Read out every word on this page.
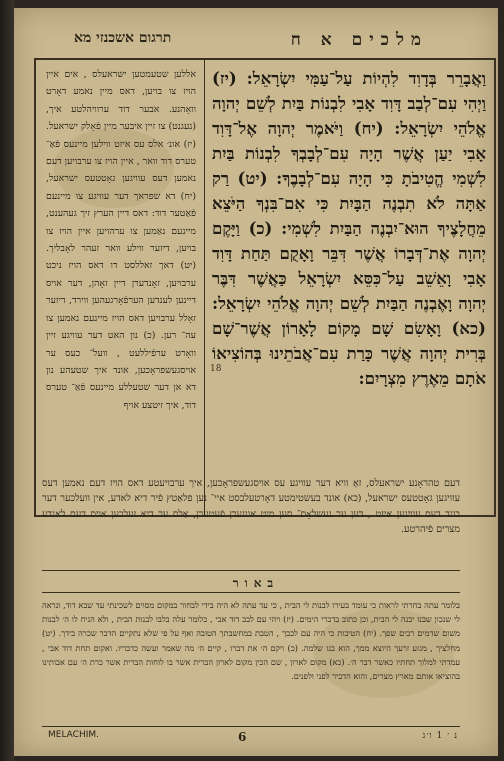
תרגום אשכנזי מא	מלכים א ח
אללען שטעמטען ישראעלס , אים איין הויז צו בויען, דאס מיין נאמע דאָרט וואָהנע. אבער דוד ערוויהלטע איך, (נעגנט) צו זיין איבער מיין פֿאָלק ישראעל. (יז) אונ׳ אלס עס איזט ווילען מיינעס פֿאַ־ טערס דוד וואר , איין הויז צו ערבויען דעם נאמען דעס עוויגען גאָטטעס ישראעל, (יח) דא שפראך דער עוויגע צו מיינעם פֿאַטער דוד: דאס דיין הערץ זיך געהענט, מיינעם נאַמען צו ערהויען איין הויז צו בויען, דיזער ווילע וואר זעהר לאָבליך. (יט) דאך זאללסט דו דאס הויז ניכט ערבויען, זאָנדערן דיין זאָהן, דער אויס דיינען לענדען הערפֿאָרגעהען ווירד, דיזער זאָלל ערבויען דאס הויז מיינעם נאמען צו עה־ רען. (כ) נון האט דער עוויגע זיין וואָרט ערפֿיללעט , וועל־ כעס ער אויסגעשפראָכען, אונד איך שטעהע נון דא אן דער שטעללע מיינעס פֿאַ־ טערס דוד, איך זיטצע אויף
וַאֲבָרֵר בְּדָוִד לִהְיוֹת עַל־עַמִּי יִשְׂרָאֵל: (יז) וַיְהִי עִם־לְבַב דָּוִד אָבִי לִבְנוֹת בַּיִת לְשֵׁם יְהוָה אֱלֹהֵי יִשְׂרָאֵל: (יח) וַיֹּאמֶר יְהוָה אֶל־דָּוִד אָבִי יַעַן אֲשֶׁר הָיָה עִם־לְבָבְךָ לִבְנוֹת בַּיִת לִשְׁמִי הֱטִיבֹתָ כִּי הָיָה עִם־לְבָבֶךָ: (יט) רַק אַתָּה לֹא תִבְנֶה הַבָּיִת כִּי אִם־בִּנְךָ הַיֹּצֵא מֵחֲלָצֶיךָ הוּא־יִבְנֶה הַבַּיִת לִשְׁמִי: (כ) וַיָּקֶם יְהוָה אֶת־דְּבָרוֹ אֲשֶׁר דִּבֵּר וָאָקֻם תַּחַת דָּוִד אָבִי וָאֵשֵׁב עַל־כִּסֵּא יִשְׂרָאֵל כַּאֲשֶׁר דִּבֶּר יְהוָה וָאֶבְנֶה הַבַּיִת לְשֵׁם יְהוָה אֱלֹהֵי יִשְׂרָאֵל: (כא) וָאָשִׂם שָׁם מָקוֹם לָאָרוֹן אֲשֶׁר־שָׁם בְּרִית יְהוָה אֲשֶׁר כָּרַת עִם־אֲבֹתֵינוּ בְּהוֹצִיאוֹ אֹתָם מֵאֶרֶץ מִצְרָיִם:
18
דעם טהראָנע ישראעלס, זאָ וויא דער עוויגע עס אויסגעשפראָכען, איך ערבויעטע דאס הויז דעם נאמען דעס עוויגען גאָטטעס ישראעל, (כא) אונד בעשטימטע דאָרטעלבסט איי־ נען פלאַטץ פֿיר דיא לאדע, אין וועלכער דער בונד דעס עוויגען איזט , דען ער געשלאָס־ סען מיט אונזערן פֿעטערן, אַלס ער דיא זעלבען אויס דעם לאנדע מצרים פֿיהרטע.
באור
בלומר עתה בחרתי לראות כי עומד בעירו לבנות לי הבית , כי עד עתה לא היה בידי לבחור במקום מסוים לשכינתי עד שבא דוד, ונראה לי שנכון שבנו יבנה לי הבית, וכן כתוב בדברי הימים. (יז) ויהי עם לבב דוד אבי , כלומר עלה בלבו לבנות הבית , ולא הניח לו ה׳ לבנות משום שדמים רבים שפך. (יח) הטיבות כי היה עם לבבך , הטבת במחשבתך הטובה ואף על פי שלא נתקיים הדבר שכרה בידך. (יט) מחלציך , מגזע זרעך היוצא ממך, הוא בנו שלמה. (כ) ויקם ה׳ את דברו , קיים ה׳ מה שאמר ועשה כדבריו. ואקום תחת דוד אבי , עמדתי למלוך תחתיו כאשר דבר ה׳. (כא) מקום לארון , שם הכין מקום לארון הברית אשר בו לוחות הברית אשר כרת ה׳ עם אבותינו בהוציאו אותם מארץ מצרים, והוא הדביר לפני ולפנים.
MELACHIM.	6	נ ׳ 1 ו׳נ
